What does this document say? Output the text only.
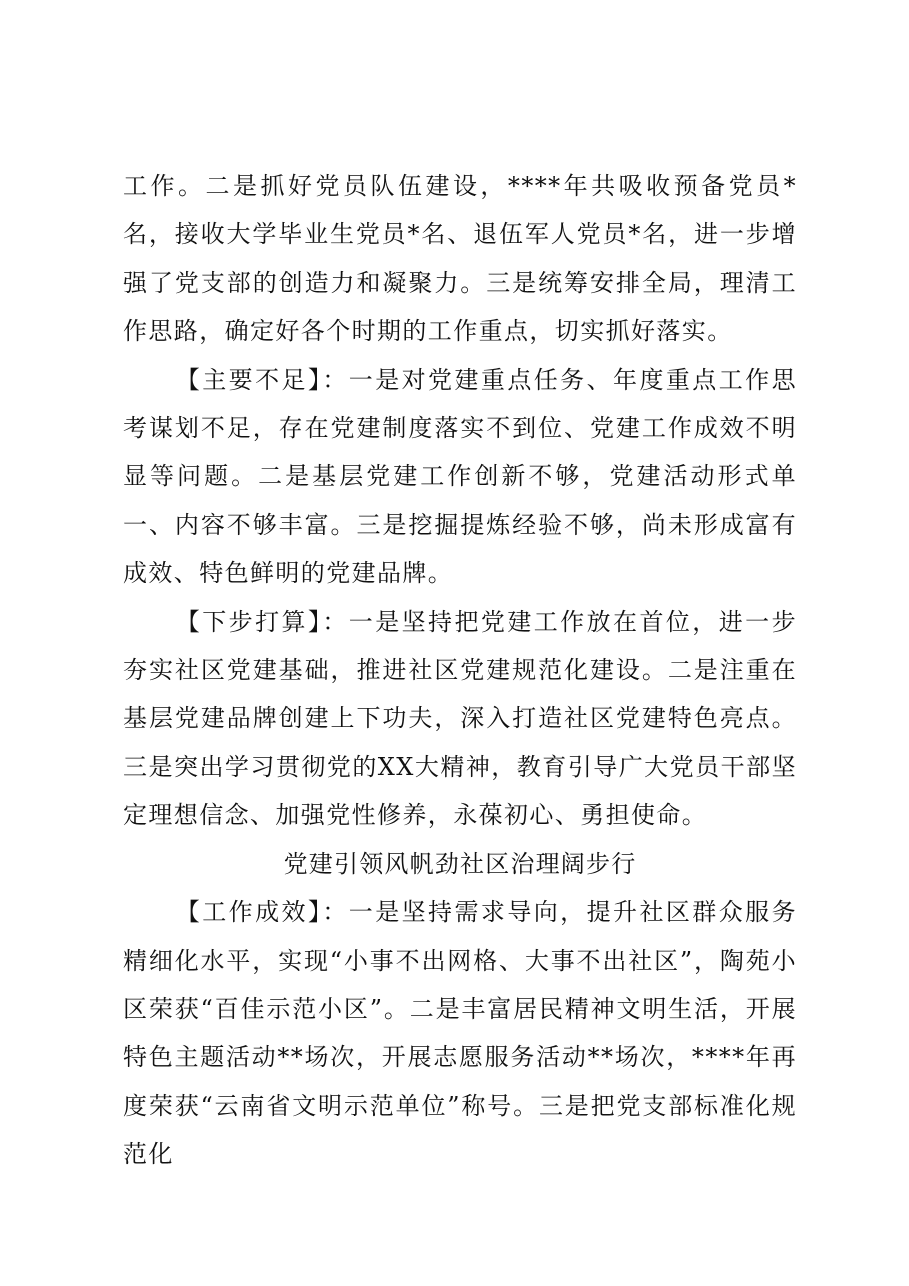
工作。二是抓好党员队伍建设，****年共吸收预备党员*名，接收大学毕业生党员*名、退伍军人党员*名，进一步增强了党支部的创造力和凝聚力。三是统筹安排全局，理清工作思路，确定好各个时期的工作重点，切实抓好落实。

【主要不足】：一是对党建重点任务、年度重点工作思考谋划不足，存在党建制度落实不到位、党建工作成效不明显等问题。二是基层党建工作创新不够，党建活动形式单一、内容不够丰富。三是挖掘提炼经验不够，尚未形成富有成效、特色鲜明的党建品牌。

【下步打算】：一是坚持把党建工作放在首位，进一步夯实社区党建基础，推进社区党建规范化建设。二是注重在基层党建品牌创建上下功夫，深入打造社区党建特色亮点。三是突出学习贯彻党的XX大精神，教育引导广大党员干部坚定理想信念、加强党性修养，永葆初心、勇担使命。

党建引领风帆劲社区治理阔步行

【工作成效】：一是坚持需求导向，提升社区群众服务精细化水平，实现“小事不出网格、大事不出社区”，陶苑小区荣获“百佳示范小区”。二是丰富居民精神文明生活，开展特色主题活动**场次，开展志愿服务活动**场次，****年再度荣获“云南省文明示范单位”称号。三是把党支部标准化规范化
